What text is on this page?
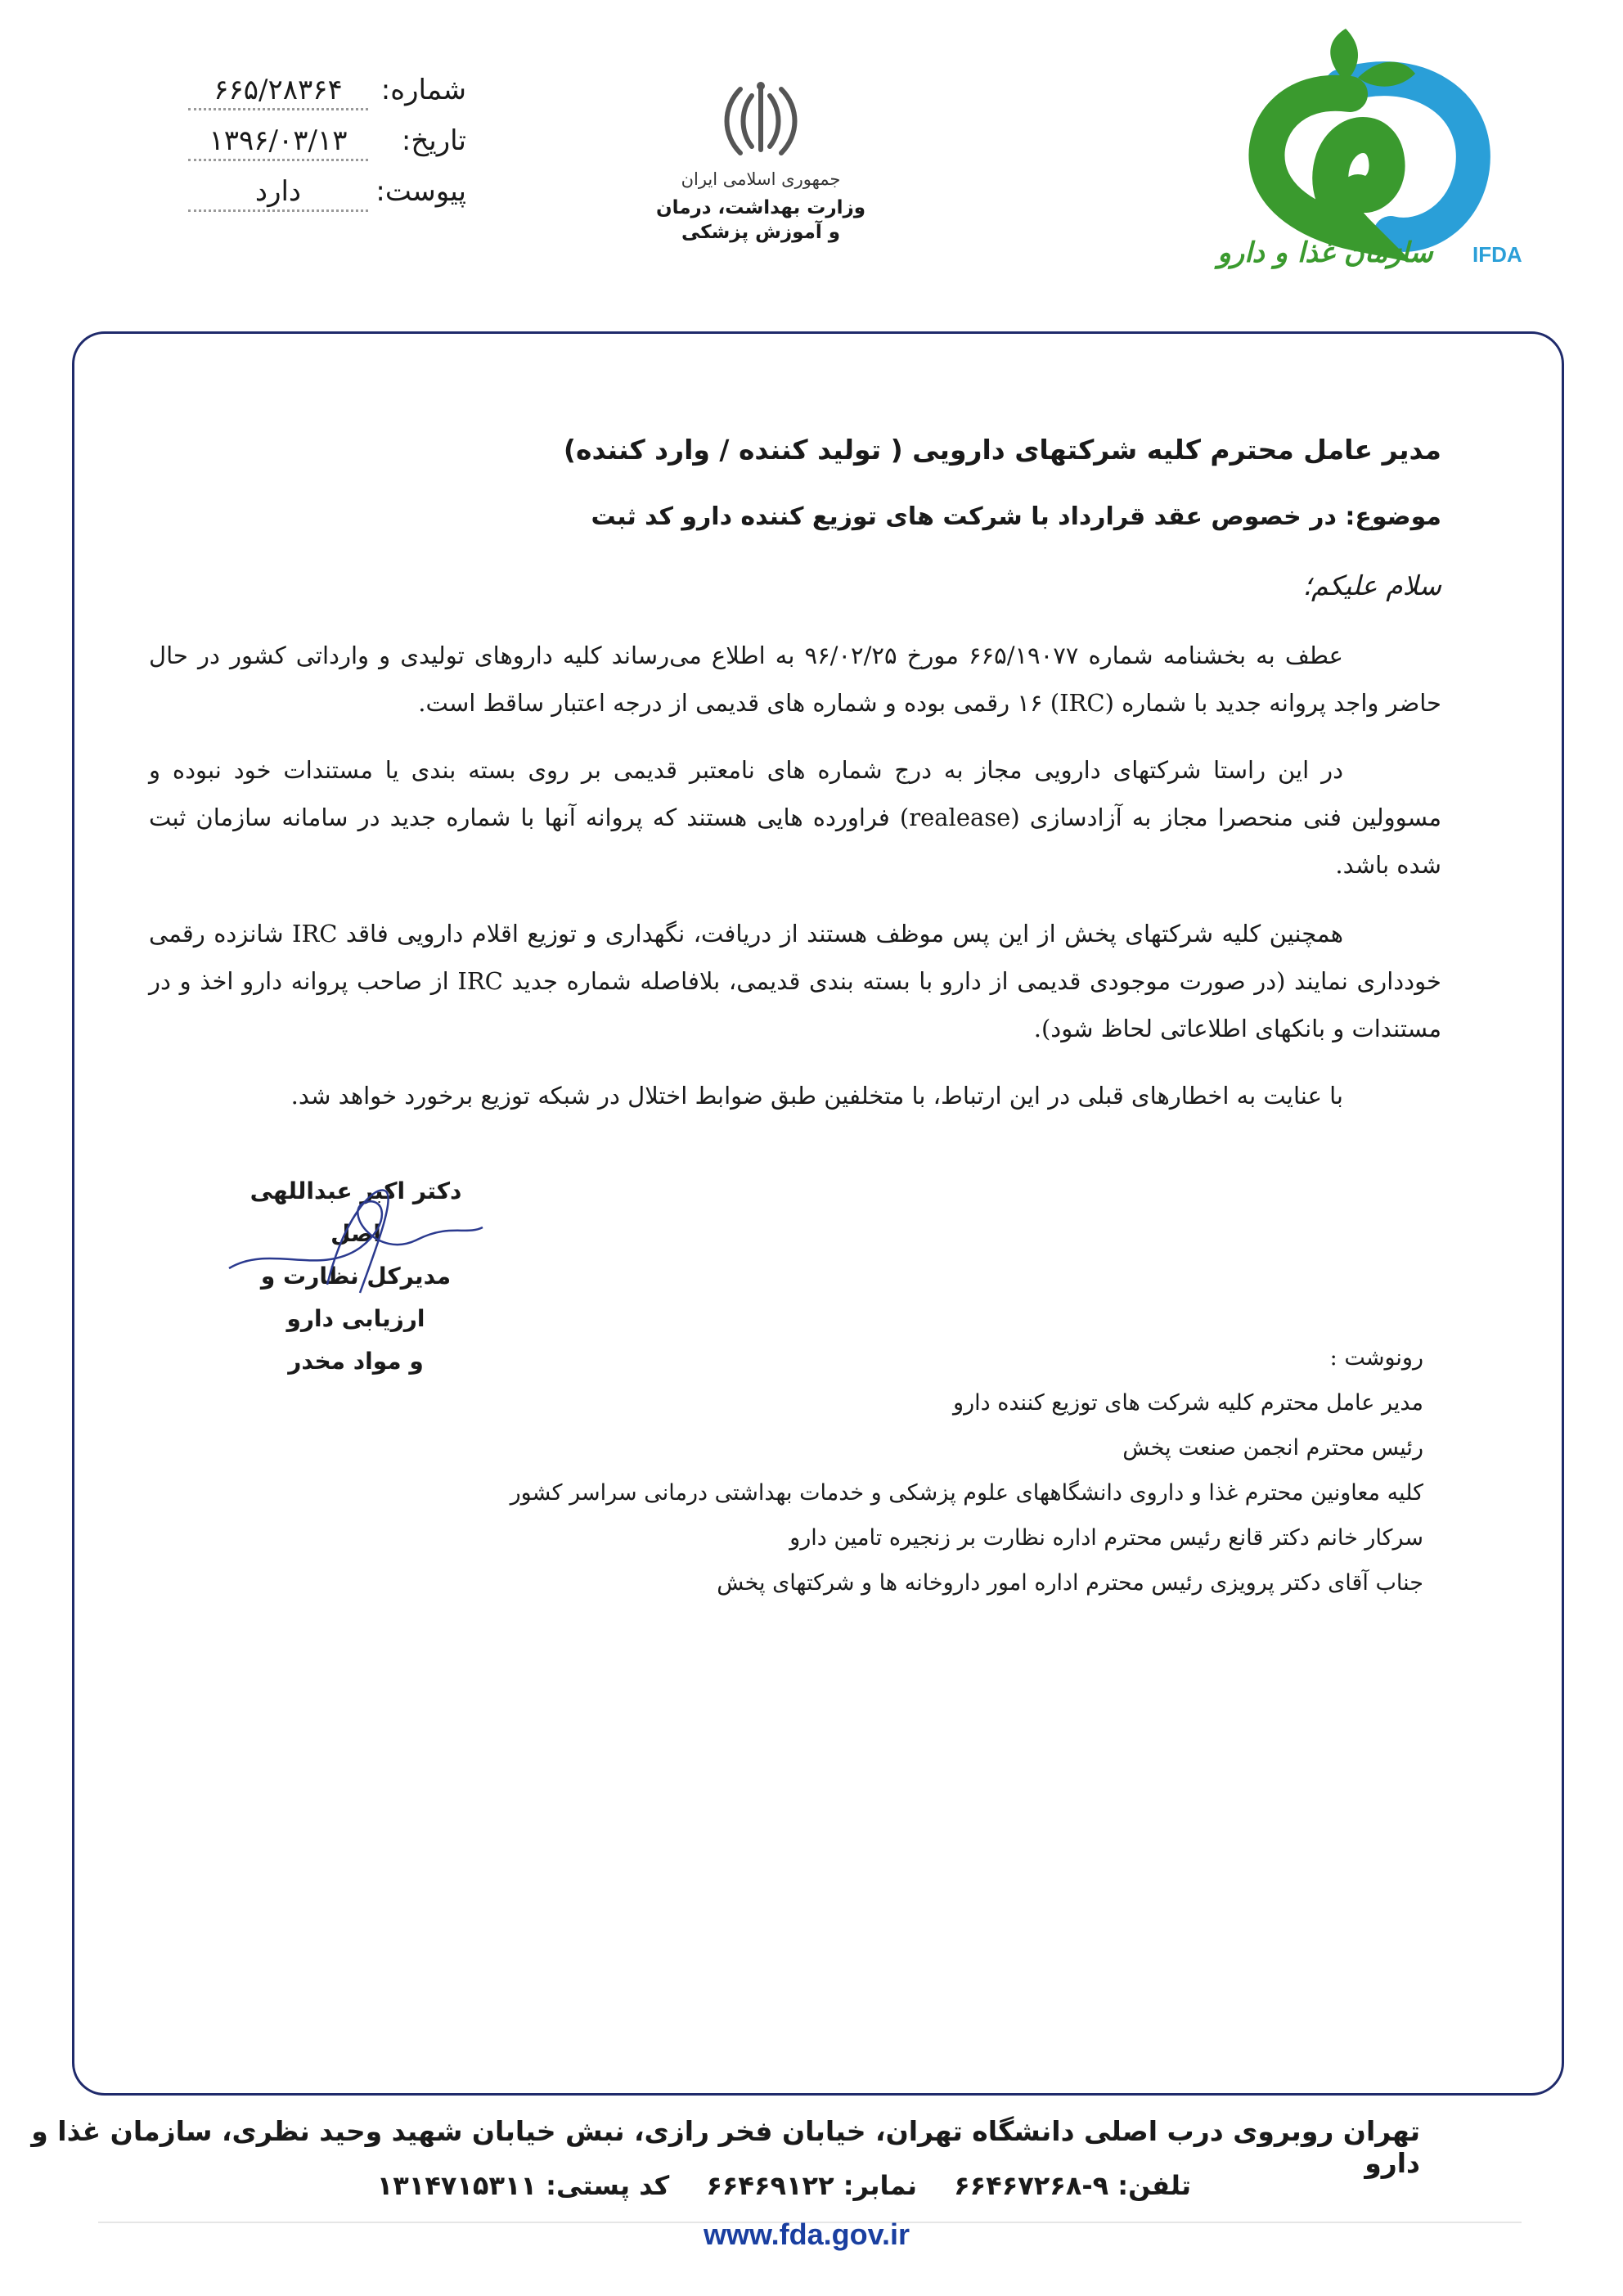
شماره:
۶۶۵/۲۸۳۶۴
تاریخ:
۱۳۹۶/۰۳/۱۳
پیوست:
دارد	جمهوری اسلامی ایران
وزارت بهداشت، درمان
و آموزش پزشکی
IFDA
سازمان غذا و دارو
مدیر عامل محترم کلیه شرکتهای دارویی ( تولید کننده / وارد کننده)
موضوع: در خصوص عقد قرارداد با شرکت های توزیع کننده دارو کد ثبت
سلام علیکم؛
عطف به بخشنامه شماره ۶۶۵/۱۹۰۷۷ مورخ ۹۶/۰۲/۲۵ به اطلاع می‌رساند کلیه داروهای تولیدی و وارداتی کشور در حال حاضر واجد پروانه جدید با شماره (IRC) ۱۶ رقمی بوده و شماره های قدیمی از درجه اعتبار ساقط است.
در این راستا شرکتهای دارویی مجاز به درج شماره های نامعتبر قدیمی بر روی بسته بندی یا مستندات خود نبوده و مسوولین فنی منحصرا مجاز به آزادسازی (realease) فراورده هایی هستند که پروانه آنها با شماره جدید در سامانه سازمان ثبت شده باشد.
همچنین کلیه شرکتهای پخش از این پس موظف هستند از دریافت، نگهداری و توزیع اقلام دارویی فاقد IRC شانزده رقمی خودداری نمایند (در صورت موجودی قدیمی از دارو با بسته بندی قدیمی، بلافاصله شماره جدید IRC از صاحب پروانه دارو اخذ و در مستندات و بانکهای اطلاعاتی لحاظ شود).
با عنایت به اخطارهای قبلی در این ارتباط، با متخلفین طبق ضوابط اختلال در شبکه توزیع برخورد خواهد شد.
دکتر اکبر عبداللهی اصل
مدیرکل نظارت و ارزیابی دارو
و مواد مخدر	رونوشت :
مدیر عامل محترم کلیه شرکت های توزیع کننده دارو
رئیس محترم انجمن صنعت پخش
کلیه معاونین محترم غذا و داروی دانشگاههای علوم پزشکی و خدمات بهداشتی درمانی سراسر کشور
سرکار خانم دکتر قانع رئیس محترم اداره نظارت بر زنجیره تامین دارو
جناب آقای دکتر پرویزی رئیس محترم اداره امور داروخانه ها و شرکتهای پخش
تهران روبروی درب اصلی دانشگاه تهران، خیابان فخر رازی، نبش خیابان شهید وحید نظری، سازمان غذا و دارو
تلفن: ۹-۶۶۴۶۷۲۶۸ نمابر: ۶۶۴۶۹۱۲۲ کد پستی: ۱۳۱۴۷۱۵۳۱۱
www.fda.gov.ir
